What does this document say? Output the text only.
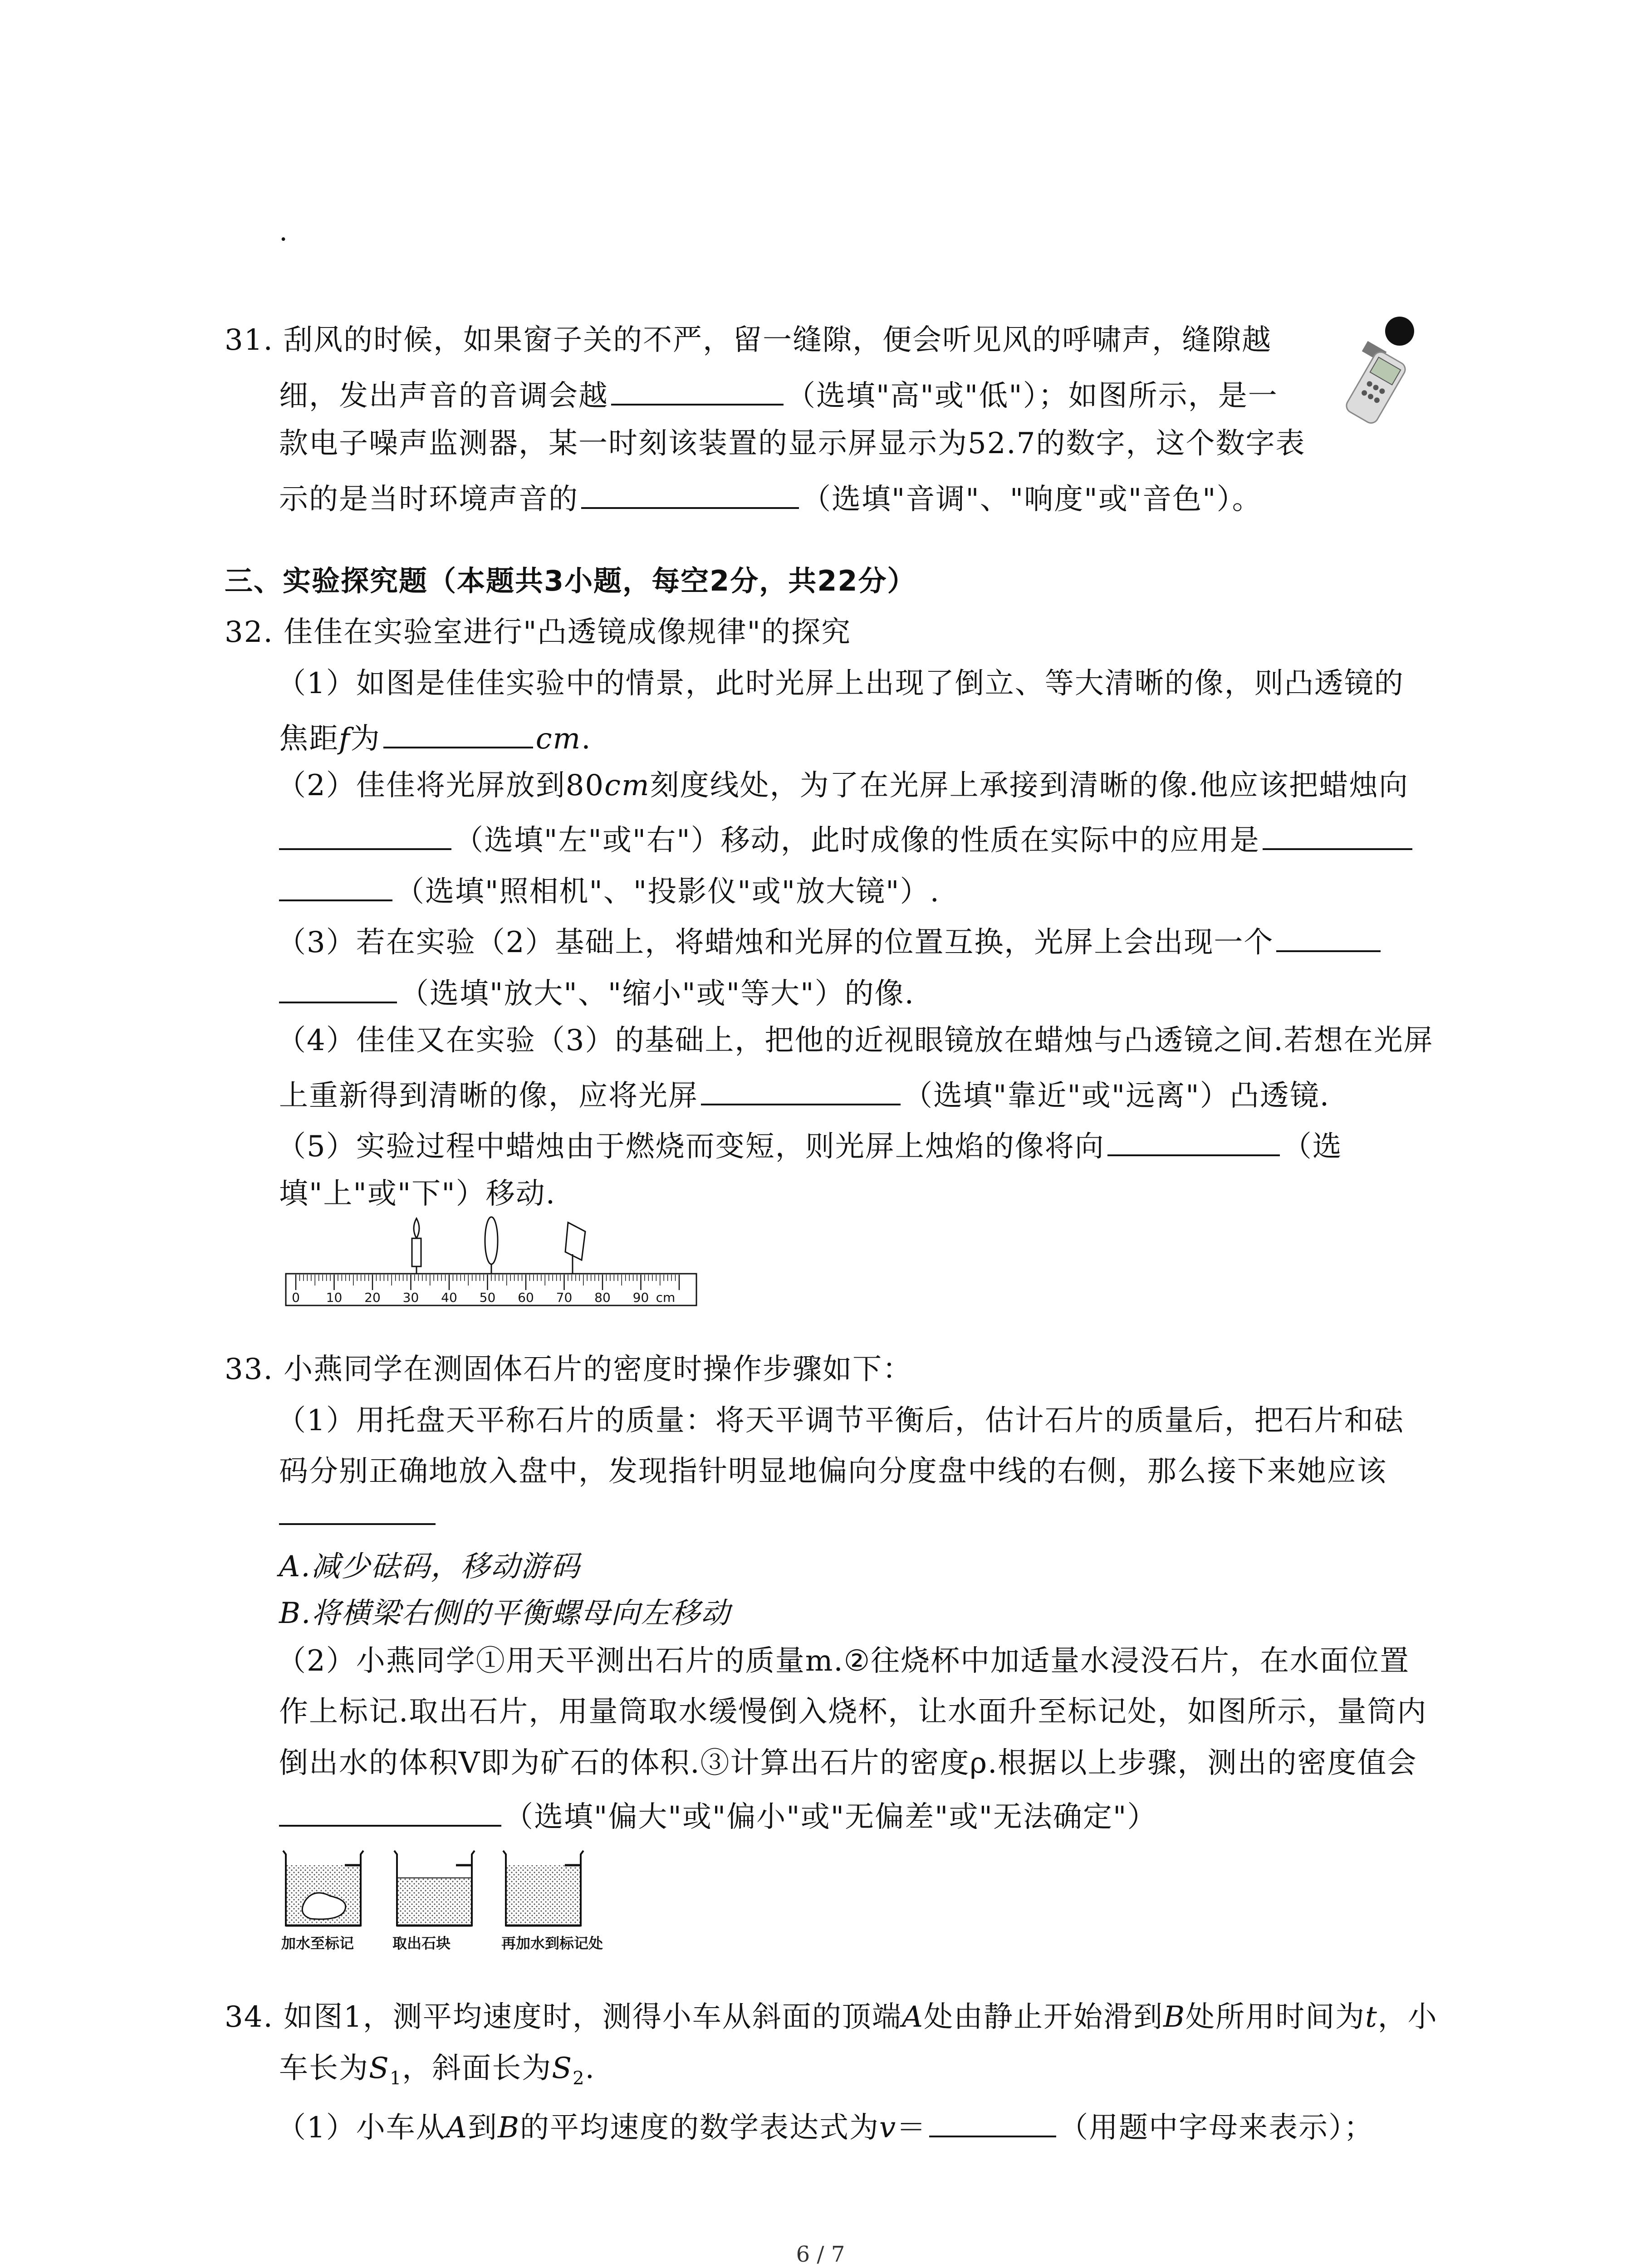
.
31. 刮风的时候，如果窗子关的不严，留一缝隙，便会听见风的呼啸声，缝隙越
细，发出声音的音调会越	（选填"高"或"低"）；如图所示，是一
款电子噪声监测器，某一时刻该装置的显示屏显示为52.7的数字，这个数字表
示的是当时环境声音的	（选填"音调"、"响度"或"音色"）。
三、实验探究题（本题共3小题，每空2分，共22分）
32. 佳佳在实验室进行"凸透镜成像规律"的探究
（1）如图是佳佳实验中的情景，此时光屏上出现了倒立、等大清晰的像，则凸透镜的
焦距f为	cm.
（2）佳佳将光屏放到80cm刻度线处，为了在光屏上承接到清晰的像.他应该把蜡烛向
（选填"左"或"右"）移动，此时成像的性质在实际中的应用是
（选填"照相机"、"投影仪"或"放大镜"）.
（3）若在实验（2）基础上，将蜡烛和光屏的位置互换，光屏上会出现一个
（选填"放大"、"缩小"或"等大"）的像.
（4）佳佳又在实验（3）的基础上，把他的近视眼镜放在蜡烛与凸透镜之间.若想在光屏
上重新得到清晰的像，应将光屏	（选填"靠近"或"远离"）凸透镜.
（5）实验过程中蜡烛由于燃烧而变短，则光屏上烛焰的像将向	（选
填"上"或"下"）移动.
0 10 20 30 40 50 60 70 80 90 cm
33. 小燕同学在测固体石片的密度时操作步骤如下：
（1）用托盘天平称石片的质量：将天平调节平衡后，估计石片的质量后，把石片和砝
码分别正确地放入盘中，发现指针明显地偏向分度盘中线的右侧，那么接下来她应该
A.减少砝码，移动游码
B.将横梁右侧的平衡螺母向左移动
（2）小燕同学①用天平测出石片的质量m.②往烧杯中加适量水浸没石片，在水面位置
作上标记.取出石片，用量筒取水缓慢倒入烧杯，让水面升至标记处，如图所示，量筒内
倒出水的体积V即为矿石的体积.③计算出石片的密度ρ.根据以上步骤，测出的密度值会
（选填"偏大"或"偏小"或"无偏差"或"无法确定"）
加水至标记	取出石块	再加水到标记处
34. 如图1，测平均速度时，测得小车从斜面的顶端A处由静止开始滑到B处所用时间为t，小
车长为$S_1$，斜面长为$S_2$.
（1）小车从A到B的平均速度的数学表达式为v＝	（用题中字母来表示）；
6 / 7
